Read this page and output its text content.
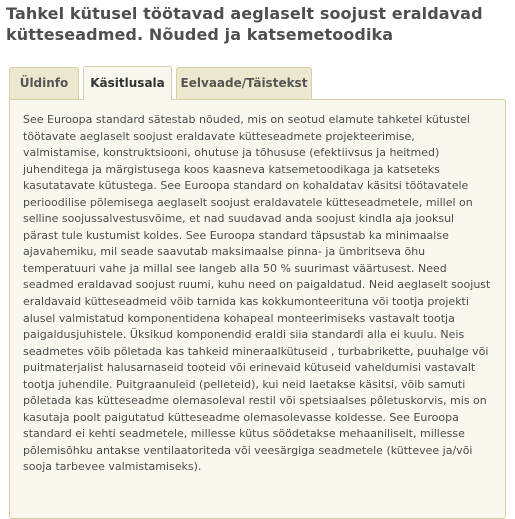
Tahkel kütusel töötavad aeglaselt soojust eraldavad kütteseadmed. Nõuded ja katsemetoodika
Üldinfo	Käsitlusala	Eelvaade/Täistekst

See Euroopa standard sätestab nõuded, mis on seotud elamute tahketel kütustel töötavate aeglaselt soojust eraldavate kütteseadmete projekteerimise, valmistamise, konstruktsiooni, ohutuse ja tõhususe (efektiivsus ja heitmed) juhenditega ja märgistusega koos kaasneva katsemetoodikaga ja katseteks kasutatavate kütustega. See Euroopa standard on kohaldatav käsitsi töötavatele perioodilise põlemisega aeglaselt soojust eraldavatele kütteseadmetele, millel on selline soojussalvestusvõime, et nad suudavad anda soojust kindla aja jooksul pärast tule kustumist koldes. See Euroopa standard täpsustab ka minimaalse ajavahemiku, mil seade saavutab maksimaalse pinna- ja ümbritseva õhu temperatuuri vahe ja millal see langeb alla 50 % suurimast väärtusest. Need seadmed eraldavad soojust ruumi, kuhu need on paigaldatud. Neid aeglaselt soojust eraldavaid kütteseadmeid võib tarnida kas kokkumonteerituna või tootja projekti alusel valmistatud komponentidena kohapeal monteerimiseks vastavalt tootja paigaldusjuhistele. Üksikud komponendid eraldi siia standardi alla ei kuulu. Neis seadmetes võib põletada kas tahkeid mineraalkütuseid , turbabrikette, puuhalge või puitmaterjalist halusarnaseid tooteid või erinevaid kütuseid vaheldumisi vastavalt tootja juhendile. Puitgraanuleid (pelleteid), kui neid laetakse käsitsi, võib samuti põletada kas kütteseadme olemasoleval restil või spetsiaalses põletuskorvis, mis on kasutaja poolt paigutatud kütteseadme olemasolevasse koldesse. See Euroopa standard ei kehti seadmetele, millesse kütus söödetakse mehaaniliselt, millesse põlemisõhku antakse ventilaatoriteda või veesärgiga seadmetele (küttevee ja/või sooja tarbevee valmistamiseks).
